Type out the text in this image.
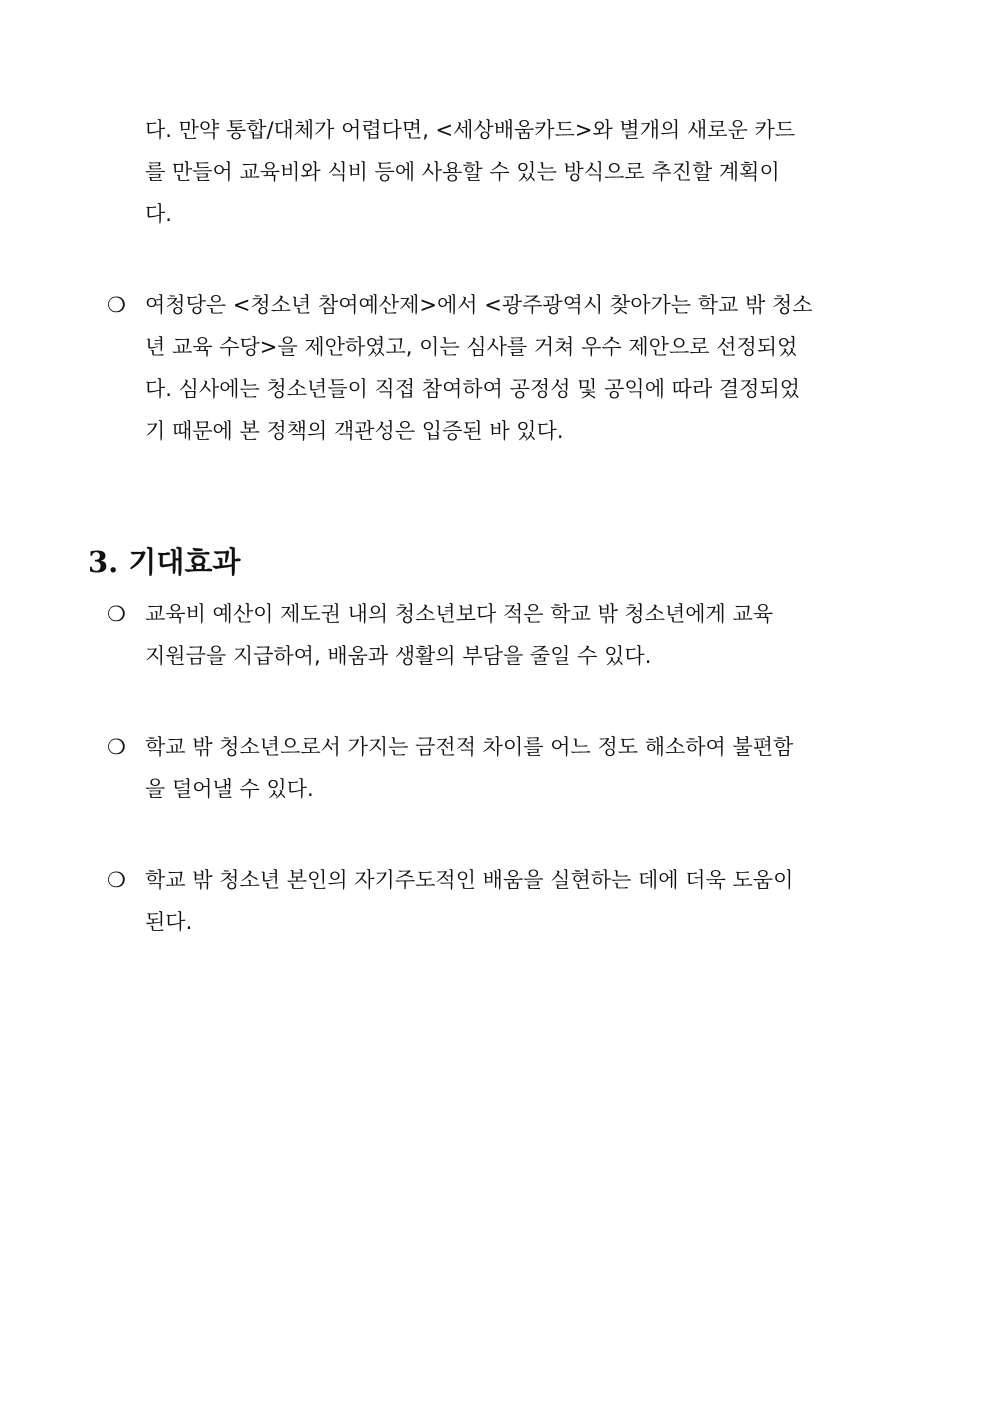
다. 만약 통합/대체가 어렵다면, <세상배움카드>와 별개의 새로운 카드
를 만들어 교육비와 식비 등에 사용할 수 있는 방식으로 추진할 계획이
다.
❍ 여청당은 <청소년 참여예산제>에서 <광주광역시 찾아가는 학교 밖 청소
년 교육 수당>을 제안하였고, 이는 심사를 거쳐 우수 제안으로 선정되었
다. 심사에는 청소년들이 직접 참여하여 공정성 및 공익에 따라 결정되었
기 때문에 본 정책의 객관성은 입증된 바 있다.
3. 기대효과
❍ 교육비 예산이 제도권 내의 청소년보다 적은 학교 밖 청소년에게 교육
지원금을 지급하여, 배움과 생활의 부담을 줄일 수 있다.
❍ 학교 밖 청소년으로서 가지는 금전적 차이를 어느 정도 해소하여 불편함
을 덜어낼 수 있다.
❍ 학교 밖 청소년 본인의 자기주도적인 배움을 실현하는 데에 더욱 도움이
된다.
